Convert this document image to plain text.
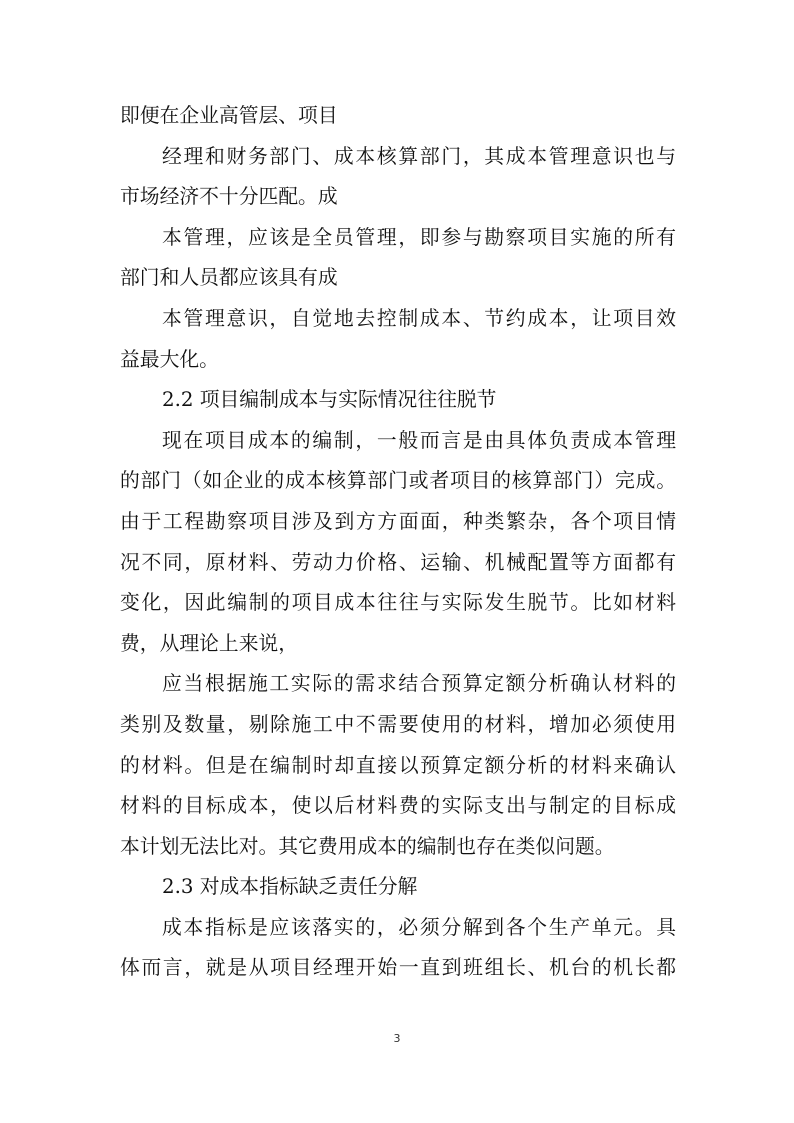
即便在企业高管层、项目
经理和财务部门、成本核算部门，其成本管理意识也与
市场经济不十分匹配。成
本管理，应该是全员管理，即参与勘察项目实施的所有
部门和人员都应该具有成
本管理意识，自觉地去控制成本、节约成本，让项目效
益最大化。
2.2 项目编制成本与实际情况往往脱节
现在项目成本的编制，一般而言是由具体负责成本管理
的部门（如企业的成本核算部门或者项目的核算部门）完成。
由于工程勘察项目涉及到方方面面，种类繁杂，各个项目情
况不同，原材料、劳动力价格、运输、机械配置等方面都有
变化，因此编制的项目成本往往与实际发生脱节。比如材料
费，从理论上来说，
应当根据施工实际的需求结合预算定额分析确认材料的
类别及数量，剔除施工中不需要使用的材料，增加必须使用
的材料。但是在编制时却直接以预算定额分析的材料来确认
材料的目标成本，使以后材料费的实际支出与制定的目标成
本计划无法比对。其它费用成本的编制也存在类似问题。
2.3 对成本指标缺乏责任分解
成本指标是应该落实的，必须分解到各个生产单元。具
体而言，就是从项目经理开始一直到班组长、机台的机长都
3
